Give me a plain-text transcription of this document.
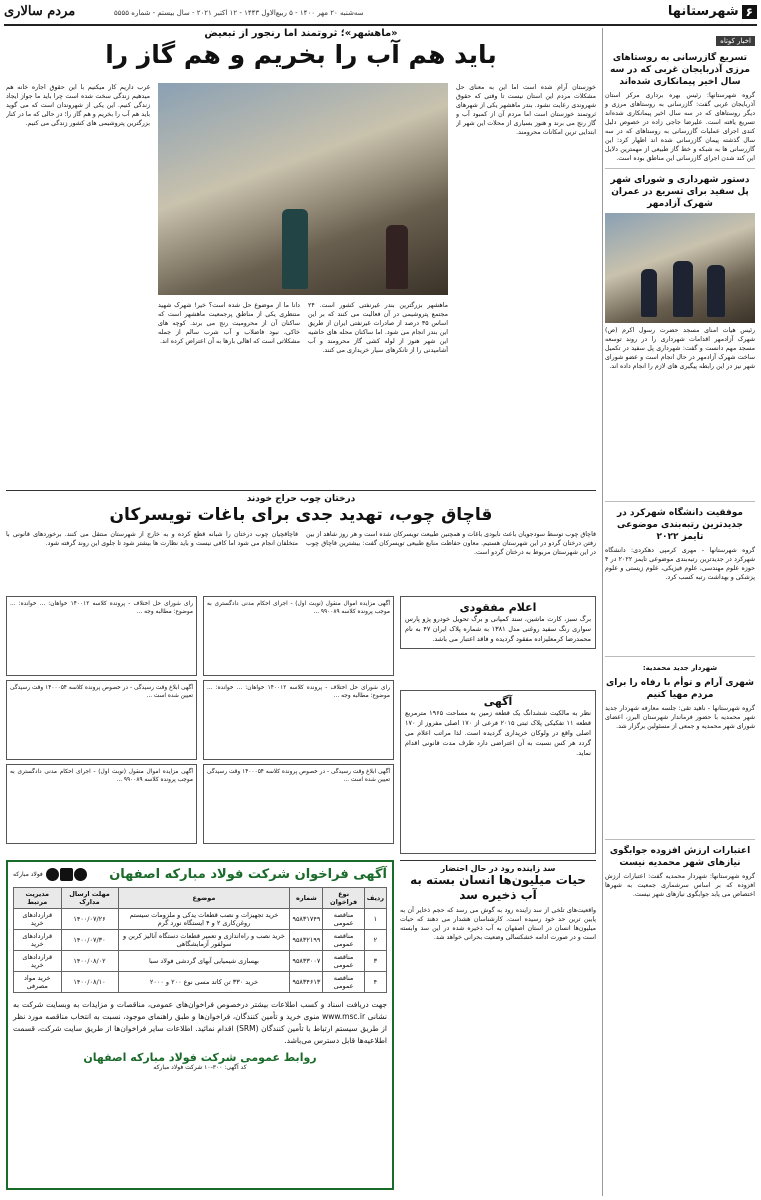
۶
شهرستانها
سه‌شنبه ۲۰ مهر ۱۴۰۰ - ۵ ربیع‌الاول ۱۴۴۳ - ۱۲ اکتبر ۲۰۲۱ - سال بیستم - شماره ۵۵۵۵
مردم سالاری
اخبار کوتاه
تسریع گازرسانی به روستاهای مرزی آذربایجان غربی که در سه سال اخیر پیمانکاری شده‌اند
گروه شهرستانها: رئیس بهره برداری مرکز استان آذربایجان غربی گفت: گازرسانی به روستاهای مرزی و دیگر روستاهای که در سه سال اخیر پیمانکاری شده‌اند تسریع یافته است. علیرضا جاجی زاده در خصوص دلیل کندی اجرای عملیات گازرسانی به روستاهای که در سه سال گذشته پیمان گازرسانی شده اند اظهار کرد: این گازرسانی ها به شبکه و خط گاز طبیعی از مهمترین دلایل این کند شدن اجرای گازرسانی این مناطق بوده است.
دستور شهرداری و شورای شهر پل سفید برای تسریع در عمران شهرک آزادمهر
رئیس هیات امنای مسجد حضرت رسول اکرم (ص) شهرک آزادمهر اقدامات شهرداری را در روند توسعه مسجد مهم دانست و گفت: شهرداری پل سفید در تکمیل ساخت شهرک آزادمهر در حال انجام است و عضو شورای شهر نیز در این رابطه پیگیری های لازم را انجام داده اند.
موفقیت دانشگاه شهرکرد در جدیدترین رتبه‌بندی موضوعی تایمز ۲۰۲۲
گروه شهرستانها - مهری کرمپی دهکردی: دانشگاه شهرکرد در جدیدترین رتبه‌بندی موضوعی تایمز ۲۰۲۲ در ۴ حوزه علوم مهندسی، علوم فیزیکی، علوم زیستی و علوم پزشکی و بهداشت رتبه کسب کرد.
شهردار جدید محمدیه:
شهری آرام و توأم با رفاه را برای مردم مهیا کنیم
گروه شهرستانها - ناهید تقی: جلسه معارفه شهردار جدید شهر محمدیه با حضور فرماندار شهرستان البرز، اعضای شورای شهر محمدیه و جمعی از مسئولین برگزار شد.
اعتبارات ارزش افزوده جوابگوی نیازهای شهر محمدیه نیست
گروه شهرستانها: شهردار محمدیه گفت: اعتبارات ارزش افزوده که بر اساس سرشماری جمعیت به شهرها اختصاص می یابد جوابگوی نیازهای شهر نیست.
«ماهشهر»؛ ثروتمند اما رنجور از تبعیض
باید هم آب را بخریم و هم گاز را
خوزستان آرام شده است اما این به معنای حل مشکلات مردم این استان نیست تا وقتی که حقوق شهروندی رعایت نشود. بندر ماهشهر یکی از شهرهای ثروتمند خوزستان است اما مردم آن از کمبود آب و گاز رنج می برند و هنوز بسیاری از محلات این شهر از ابتدایی ترین امکانات محرومند.
ماهشهر بزرگترین بندر غیرنفتی کشور است. ۲۴ مجتمع پتروشیمی در آن فعالیت می کنند که بر این اساس ۳۵ درصد از صادرات غیرنفتی ایران از طریق این بندر انجام می شود. اما ساکنان محله های حاشیه این شهر هنوز از لوله کشی گاز محرومند و آب آشامیدنی را از تانکرهای سیار خریداری می کنند.
دانا ما از موضوع حل شده است؟ خیر! شهرک شهید منتظری یکی از مناطق پرجمعیت ماهشهر است که ساکنان آن از محرومیت رنج می برند. کوچه های خاکی، نبود فاضلاب و آب شرب سالم از جمله مشکلاتی است که اهالی بارها به آن اعتراض کرده اند.
غرب داریم کار میکنیم با این حقوق اجاره خانه هم میدهیم زندگی سخت شده است چرا باید ما جواز ایجاد زندگی کنیم. این یکی از شهروندان است که می گوید باید هم آب را بخریم و هم گاز را؛ در حالی که ما در کنار بزرگترین پتروشیمی های کشور زندگی می کنیم.
درختان چوب حراج خودند
قاچاق چوب، تهدید جدی برای باغات تویسرکان
قاچاق چوب توسط سودجویان باعث نابودی باغات و همچنین طبیعت تویسرکان شده است و هر روز شاهد از بین رفتن درختان گردو در این شهرستان هستیم. معاون حفاظت منابع طبیعی تویسرکان گفت: بیشترین قاچاق چوب در این شهرستان مربوط به درختان گردو است.
قاچاقچیان چوب درختان را شبانه قطع کرده و به خارج از شهرستان منتقل می کنند. برخوردهای قانونی با متخلفان انجام می شود اما کافی نیست و باید نظارت ها بیشتر شود تا جلوی این روند گرفته شود.
اعلام مفقودی
برگ سبز، کارت ماشین، سند کمپانی و برگ تحویل خودرو پژو پارس سواری رنگ سفید روغنی مدل ۱۳۸۱ به شماره پلاک ایران ۴۷ به نام محمدرضا کرمعلیزاده مفقود گردیده و فاقد اعتبار می باشد.
آگهی
نظر به مالکیت ششدانگ یک قطعه زمین به مساحت ۱۹۶۵ مترمربع قطعه ۱۱ تفکیکی پلاک ثبتی ۲۰۱۵ فرعی از ۱۷۰ اصلی مفروز از ۱۷۰ اصلی واقع در ولوکان خریداری گردیده است. لذا مراتب اعلام می گردد هر کس نسبت به آن اعتراضی دارد ظرف مدت قانونی اقدام نماید.
آگهی مزایده اموال منقول (نوبت اول) - اجرای احکام مدنی دادگستری به موجب پرونده کلاسه ۹۹۰۰۸۹ ...
رای شورای حل اختلاف - پرونده کلاسه ۱۴۰۰۱۲ خواهان: ... خوانده: ... موضوع: مطالبه وجه ...
آگهی ابلاغ وقت رسیدگی - در خصوص پرونده کلاسه ۱۴۰۰۰۵۴ وقت رسیدگی تعیین شده است ...
رای شورای حل اختلاف - پرونده کلاسه ۱۴۰۰۱۲ خواهان: ... خوانده: ... موضوع: مطالبه وجه ...
آگهی ابلاغ وقت رسیدگی - در خصوص پرونده کلاسه ۱۴۰۰۰۵۴ وقت رسیدگی تعیین شده است ...
آگهی مزایده اموال منقول (نوبت اول) - اجرای احکام مدنی دادگستری به موجب پرونده کلاسه ۹۹۰۰۸۹ ...
سد زاینده رود در حال احتضار
حیات میلیون‌ها انسان بسته به آب ذخیره سد
واقعیت‌های تلخی از سد زاینده رود به گوش می رسد که حجم ذخایر آن به پایین ترین حد خود رسیده است. کارشناسان هشدار می دهند که حیات میلیون‌ها انسان در استان اصفهان به آب ذخیره شده در این سد وابسته است و در صورت ادامه خشکسالی وضعیت بحرانی خواهد شد.
آگهی فراخوان شرکت فولاد مبارکه اصفهان
فولاد مبارکه
ردیف	نوع فراخوان	شماره	موضوع	مهلت ارسال مدارک	مدیریت مرتبط
۱	مناقصه عمومی	۹۵۸۳۱۷۴۹	خرید تجهیزات و نصب قطعات یدکی و ملزومات سیستم روغن‌کاری ۲ و ۴ ایستگاه نورد گرم	۱۴۰۰/۰۷/۲۶	قراردادهای خرید
۲	مناقصه عمومی	۹۵۸۳۲۱۹۹	خرید نصب و راه‌اندازی و تعمیر قطعات دستگاه آنالیز کربن و سولفور آزمایشگاهی	۱۴۰۰/۰۷/۳۰	قراردادهای خرید
۳	مناقصه عمومی	۹۵۸۳۳۰۰۷	بهسازی شیمیایی آبهای گردشی فولاد سبا	۱۴۰۰/۰۸/۰۲	قراردادهای خرید
۴	مناقصه عمومی	۹۵۸۳۴۶۱۳	خرید ۳۳۰ تن کاتد مسی نوع ۲۰۰ و ۲۰۰۰	۱۴۰۰/۰۸/۱۰	خرید مواد مصرفی
جهت دریافت اسناد و کسب اطلاعات بیشتر درخصوص فراخوان‌های عمومی، مناقصات و مزایدات به وبسایت شرکت به نشانی www.msc.ir منوی خرید و تأمین کنندگان، فراخوان‌ها و طبق راهنمای موجود، نسبت به انتخاب مناقصه مورد نظر از طریق سیستم ارتباط با تأمین کنندگان (SRM) اقدام نمائید. اطلاعات سایر فراخوان‌ها از طریق سایت شرکت، قسمت اطلاعیه‌ها قابل دسترس می‌باشد.
روابط عمومی شرکت فولاد مبارکه اصفهان
کد آگهی: ۳۰۰-۱۰ شرکت فولاد مبارکه
